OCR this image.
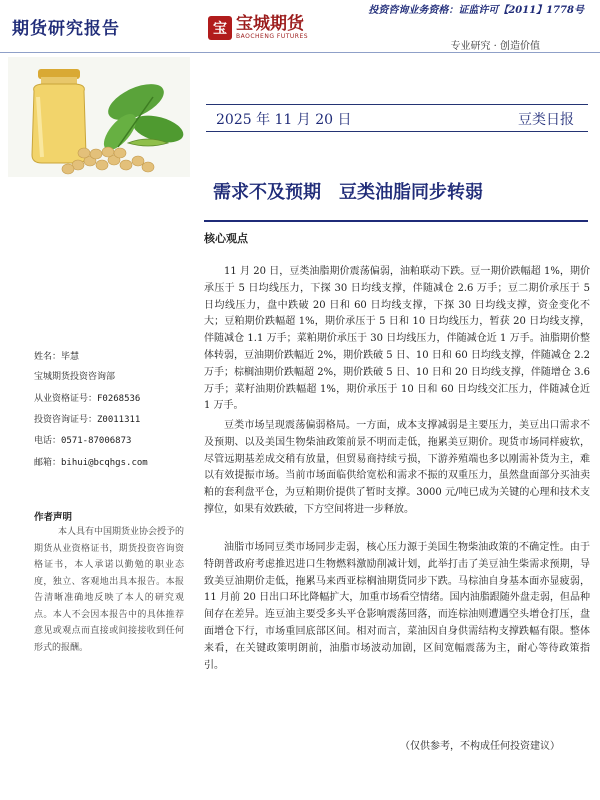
期货研究报告
投资咨询业务资格：证监许可【2011】1778号
宝 宝城期货
BAOCHENG FUTURES
专业研究 · 创造价值
2025 年 11 月 20 日	豆类日报
需求不及预期　豆类油脂同步转弱
姓名：毕慧
宝城期货投资咨询部
从业资格证号：F0268536
投资咨询证号：Z0011311
电话：0571-87006873
邮箱：bihui@bcqhgs.com
作者声明
本人具有中国期货业协会授予的期货从业资格证书，期货投资咨询资格证书，本人承诺以勤勉的职业态度，独立、客观地出具本报告。本报告清晰准确地反映了本人的研究观点。本人不会因本报告中的具体推荐意见或观点而直接或间接接收到任何形式的报酬。
核心观点
11 月 20 日，豆类油脂期价震荡偏弱，油粕联动下跌。豆一期价跌幅超 1%，期价承压于 5 日均线压力，下探 30 日均线支撑，伴随减仓 2.6 万手；豆二期价承压于 5 日均线压力，盘中跌破 20 日和 60 日均线支撑，下探 30 日均线支撑，资金变化不大；豆粕期价跌幅超 1%，期价承压于 5 日和 10 日均线压力，暂获 20 日均线支撑，伴随减仓 1.1 万手；菜粕期价承压于 30 日均线压力，伴随减仓近 1 万手。油脂期价整体转弱，豆油期价跌幅近 2%，期价跌破 5 日、10 日和 60 日均线支撑，伴随减仓 2.2 万手；棕榈油期价跌幅超 2%，期价跌破 5 日、10 日和 20 日均线支撑，伴随增仓 3.6 万手；菜籽油期价跌幅超 1%，期价承压于 10 日和 60 日均线交汇压力，伴随减仓近 1 万手。
豆类市场呈现震荡偏弱格局。一方面，成本支撑减弱是主要压力，美豆出口需求不及预期、以及美国生物柴油政策前景不明而走低，拖累美豆期价。现货市场同样疲软，尽管远期基差成交稍有放量，但贸易商持续亏损，下游养殖端也多以刚需补货为主，难以有效提振市场。当前市场面临供给宽松和需求不振的双重压力，虽然盘面部分买油卖粕的套利盘平仓，为豆粕期价提供了暂时支撑。3000 元/吨已成为关键的心理和技术支撑位，如果有效跌破，下方空间将进一步释放。
油脂市场同豆类市场同步走弱，核心压力源于美国生物柴油政策的不确定性。由于特朗普政府考虑推迟进口生物燃料激励削减计划，此举打击了美豆油生柴需求预期，导致美豆油期价走低，拖累马来西亚棕榈油期货同步下跌。马棕油自身基本面亦显疲弱，11 月前 20 日出口环比降幅扩大，加重市场看空情绪。国内油脂跟随外盘走弱，但品种间存在差异。连豆油主要受多头平仓影响震荡回落，而连棕油则遭遇空头增仓打压，盘面增仓下行，市场重回底部区间。相对而言，菜油因自身供需结构支撑跌幅有限。整体来看，在关键政策明朗前，油脂市场波动加剧，区间宽幅震荡为主，耐心等待政策指引。
（仅供参考，不构成任何投资建议）
